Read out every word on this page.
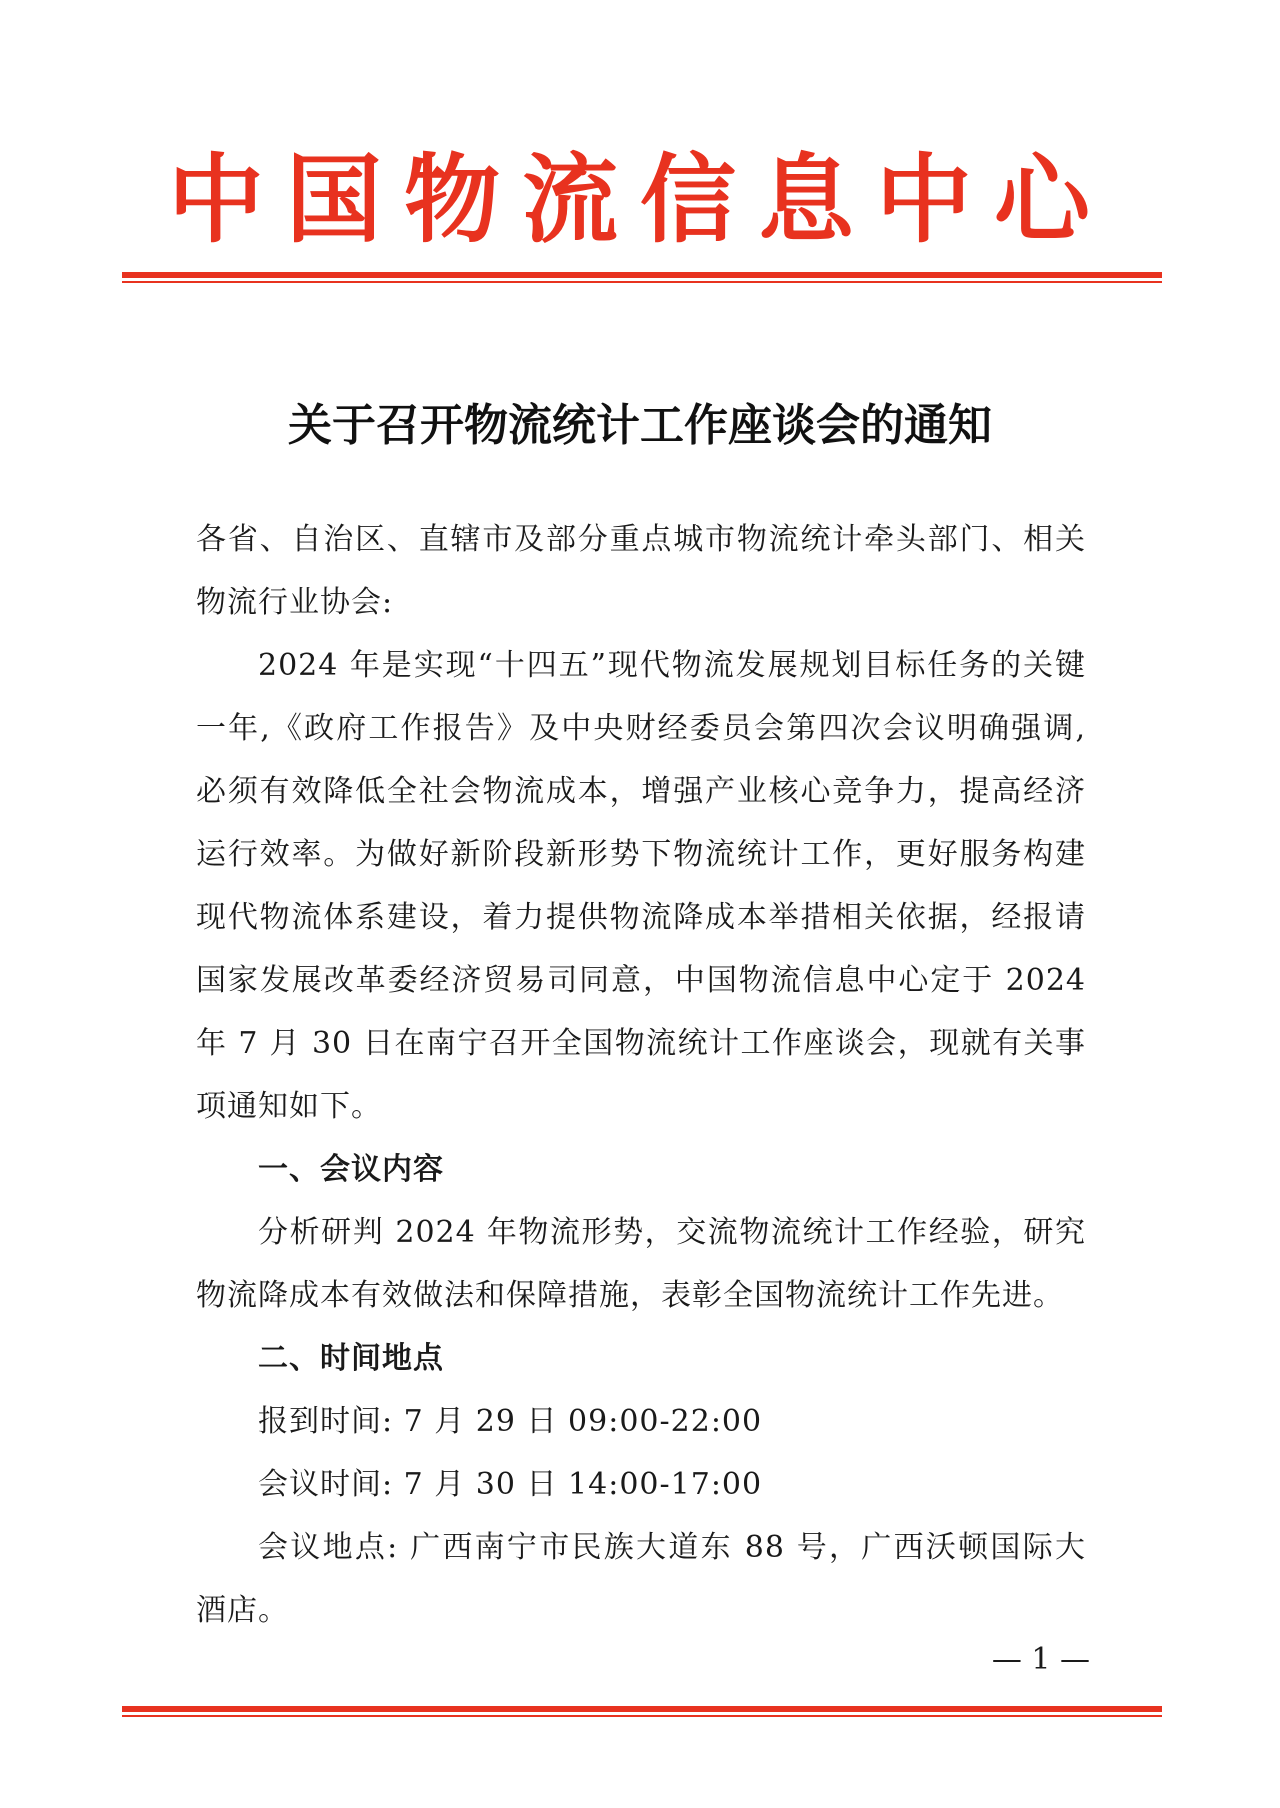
中国物流信息中心
关于召开物流统计工作座谈会的通知
各省、自治区、直辖市及部分重点城市物流统计牵头部门、相关
物流行业协会:
2024 年是实现“十四五”现代物流发展规划目标任务的关键
一年,《政府工作报告》及中央财经委员会第四次会议明确强调,
必须有效降低全社会物流成本，增强产业核心竞争力，提高经济
运行效率。为做好新阶段新形势下物流统计工作，更好服务构建
现代物流体系建设，着力提供物流降成本举措相关依据，经报请
国家发展改革委经济贸易司同意，中国物流信息中心定于 2024
年 7 月 30 日在南宁召开全国物流统计工作座谈会，现就有关事
项通知如下。
一、会议内容
分析研判 2024 年物流形势，交流物流统计工作经验，研究
物流降成本有效做法和保障措施，表彰全国物流统计工作先进。
二、时间地点
报到时间: 7 月 29 日 09:00-22:00
会议时间: 7 月 30 日 14:00-17:00
会议地点: 广西南宁市民族大道东 88 号，广西沃顿国际大
酒店。
— 1 —
